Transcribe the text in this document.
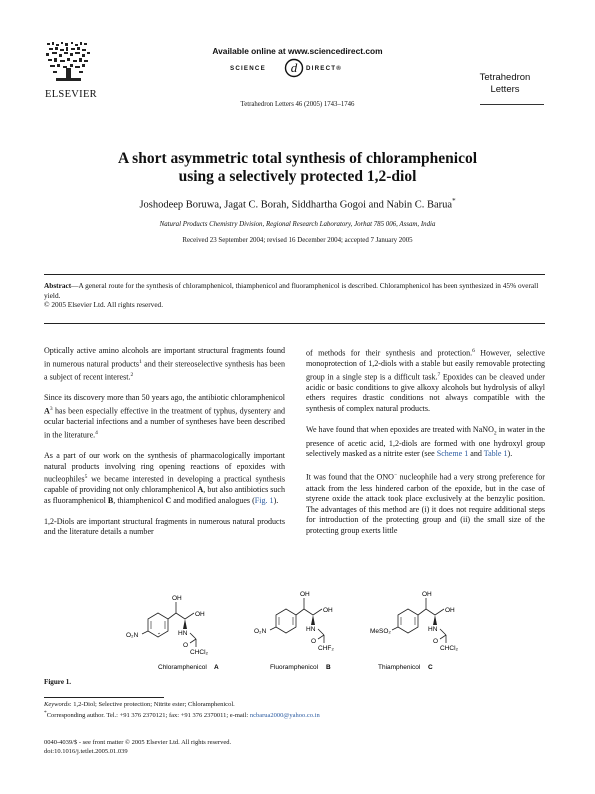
Available online at www.sciencedirect.com
SCIENCE d DIRECT®
Tetrahedron Letters 46 (2005) 1743–1746
ELSEVIER
Tetrahedron
Letters
A short asymmetric total synthesis of chloramphenicol
using a selectively protected 1,2-diol
Joshodeep Boruwa, Jagat C. Borah, Siddhartha Gogoi and Nabin C. Barua*
Natural Products Chemistry Division, Regional Research Laboratory, Jorhat 785 006, Assam, India
Received 23 September 2004; revised 16 December 2004; accepted 7 January 2005
Abstract—A general route for the synthesis of chloramphenicol, thiamphenicol and fluoramphenicol is described. Chloramphenicol has been synthesized in 45% overall yield.
© 2005 Elsevier Ltd. All rights reserved.

Optically active amino alcohols are important structural fragments found in numerous natural products$^1$ and their stereoselective synthesis has been a subject of recent interest.$^2$

Since its discovery more than 50 years ago, the antibiotic chloramphenicol $A^3$ has been especially effective in the treatment of typhus, dysentery and ocular bacterial infections and a number of syntheses have been described in the literature.$^4$

As a part of our work on the synthesis of pharmacologically important natural products involving ring opening reactions of epoxides with nucleophiles$^5$ we became interested in developing a practical synthesis capable of providing not only chloramphenicol A, but also antibiotics such as fluoramphenicol B, thiamphenicol C and modified analogues (Fig. 1).

1,2-Diols are important structural fragments in numerous natural products and the literature details a number

of methods for their synthesis and protection.$^6$ However, selective monoprotection of 1,2-diols with a stable but easily removable protecting group in a single step is a difficult task.$^7$ Epoxides can be cleaved under acidic or basic conditions to give alkoxy alcohols but hydrolysis of alkyl ethers requires drastic conditions not always compatible with the synthesis of complex natural products.

We have found that when epoxides are treated with NaNO$_2$ in water in the presence of acetic acid, 1,2-diols are formed with one hydroxyl group selectively masked as a nitrite ester (see Scheme 1 and Table 1).

It was found that the ONO− nucleophile had a very strong preference for attack from the less hindered carbon of the epoxide, but in the case of styrene oxide the attack took place exclusively at the benzylic position. The advantages of this method are (i) it does not require additional steps for introduction of the protecting group and (ii) the small size of the protecting group exerts little

O₂N
OH
OH
HN
O
CHCl₂
Chloramphenicol A
O₂N
OH
OH
HN
O
CHF₂
Fluoramphenicol B
MeSO₂
OH
OH
HN
O
CHCl₂
Thiamphenicol C
Figure 1.
Keywords: 1,2-Diol; Selective protection; Nitrite ester; Chloramphenicol.
*Corresponding author. Tel.: +91 376 2370121; fax: +91 376 2370011; e-mail: ncbarua2000@yahoo.co.in
0040-4039/$ - see front matter © 2005 Elsevier Ltd. All rights reserved.
doi:10.1016/j.tetlet.2005.01.039
